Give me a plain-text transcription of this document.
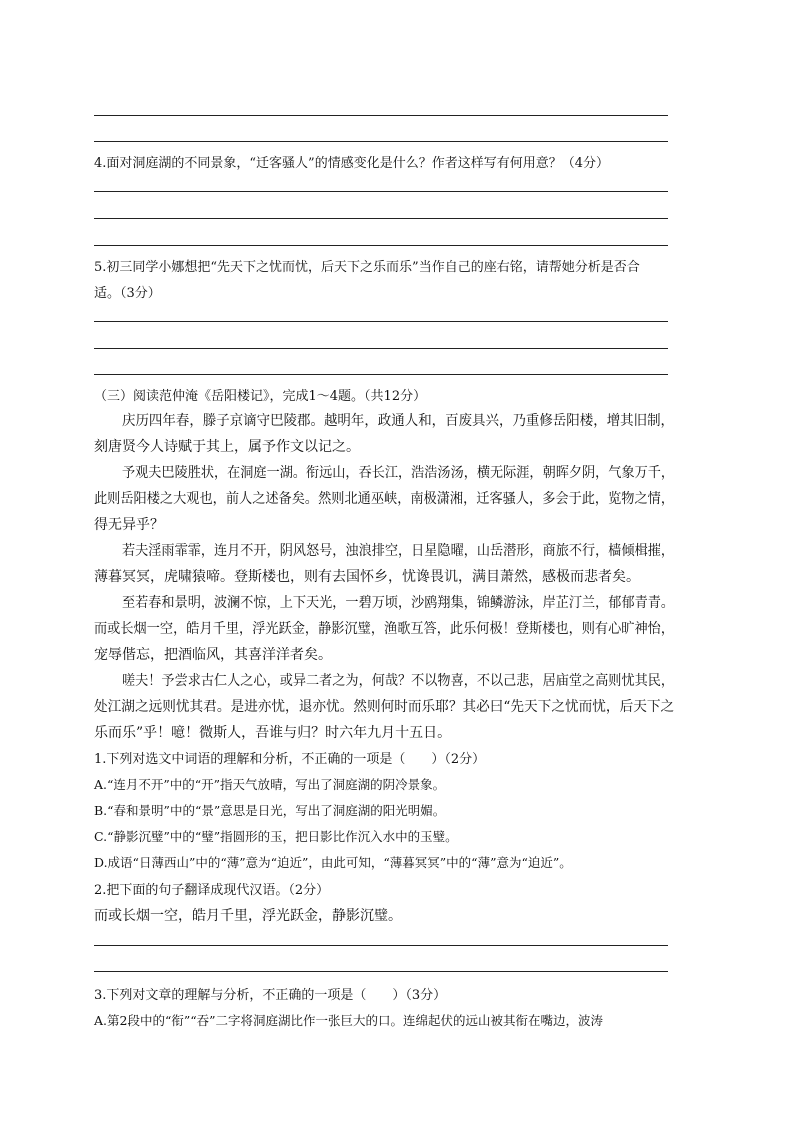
4.面对洞庭湖的不同景象，“迁客骚人”的情感变化是什么？作者这样写有何用意？（4分）
5.初三同学小娜想把“先天下之忧而忧，后天下之乐而乐”当作自己的座右铭，请帮她分析是否合
适。（3分）
（三）阅读范仲淹《岳阳楼记》，完成1～4题。（共12分）
庆历四年春，滕子京谪守巴陵郡。越明年，政通人和，百废具兴，乃重修岳阳楼，增其旧制，
刻唐贤今人诗赋于其上，属予作文以记之。
予观夫巴陵胜状，在洞庭一湖。衔远山，吞长江，浩浩汤汤，横无际涯，朝晖夕阴，气象万千，
此则岳阳楼之大观也，前人之述备矣。然则北通巫峡，南极潇湘，迁客骚人，多会于此，览物之情，
得无异乎？
若夫淫雨霏霏，连月不开，阴风怒号，浊浪排空，日星隐曜，山岳潜形，商旅不行，樯倾楫摧，
薄暮冥冥，虎啸猿啼。登斯楼也，则有去国怀乡，忧谗畏讥，满目萧然，感极而悲者矣。
至若春和景明，波澜不惊，上下天光，一碧万顷，沙鸥翔集，锦鳞游泳，岸芷汀兰，郁郁青青。
而或长烟一空，皓月千里，浮光跃金，静影沉璧，渔歌互答，此乐何极！登斯楼也，则有心旷神怡，
宠辱偕忘，把酒临风，其喜洋洋者矣。
嗟夫！予尝求古仁人之心，或异二者之为，何哉？不以物喜，不以己悲，居庙堂之高则忧其民，
处江湖之远则忧其君。是进亦忧，退亦忧。然则何时而乐耶？其必曰“先天下之忧而忧，后天下之
乐而乐”乎！噫！微斯人，吾谁与归？时六年九月十五日。
1.下列对选文中词语的理解和分析，不正确的一项是（　　）（2分）
A.“连月不开”中的“开”指天气放晴，写出了洞庭湖的阴冷景象。
B.“春和景明”中的“景”意思是日光，写出了洞庭湖的阳光明媚。
C.“静影沉璧”中的“璧”指圆形的玉，把日影比作沉入水中的玉璧。
D.成语“日薄西山”中的“薄”意为“迫近”，由此可知，“薄暮冥冥”中的“薄”意为“迫近”。
2.把下面的句子翻译成现代汉语。（2分）
而或长烟一空，皓月千里，浮光跃金，静影沉璧。
3.下列对文章的理解与分析，不正确的一项是（　　）（3分）
A.第2段中的“衔”“吞”二字将洞庭湖比作一张巨大的口。连绵起伏的远山被其衔在嘴边，波涛
